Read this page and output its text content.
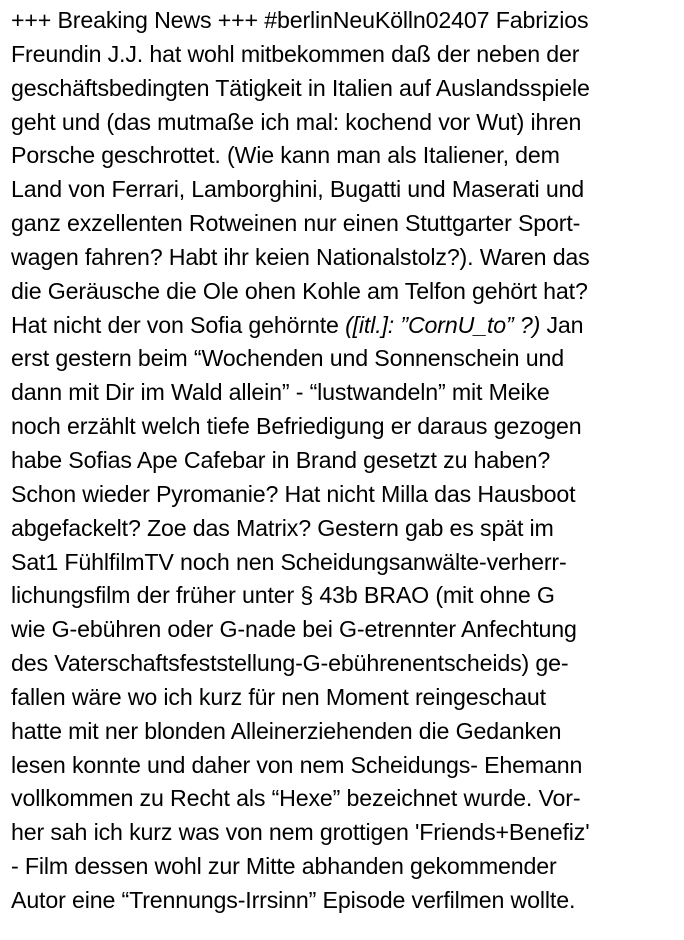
+++ Breaking News +++ #berlinNeuKölln02407 Fabrizios
Freundin J.J. hat wohl mitbekommen daß der neben der
geschäftsbedingten Tätigkeit in Italien auf Auslandsspiele
geht und (das mutmaße ich mal: kochend vor Wut) ihren
Porsche geschrottet. (Wie kann man als Italiener, dem
Land von Ferrari, Lamborghini, Bugatti und Maserati und
ganz exzellenten Rotweinen nur einen Stuttgarter Sport-
wagen fahren? Habt ihr keien Nationalstolz?). Waren das
die Geräusche die Ole ohen Kohle am Telfon gehört hat?
Hat nicht der von Sofia gehörnte ([itl.]: ”CornU_to” ?) Jan
erst gestern beim “Wochenden und Sonnenschein und
dann mit Dir im Wald allein” - “lustwandeln” mit Meike
noch erzählt welch tiefe Befriedigung er daraus gezogen
habe Sofias Ape Cafebar in Brand gesetzt zu haben?
Schon wieder Pyromanie? Hat nicht Milla das Hausboot
abgefackelt? Zoe das Matrix? Gestern gab es spät im
Sat1 FühlfilmTV noch nen Scheidungsanwälte-verherr-
lichungsfilm der früher unter § 43b BRAO (mit ohne G
wie G-ebühren oder G-nade bei G-etrennter Anfechtung
des Vaterschaftsfeststellung-G-ebührenentscheids) ge-
fallen wäre wo ich kurz für nen Moment reingeschaut
hatte mit ner blonden Alleinerziehenden die Gedanken
lesen konnte und daher von nem Scheidungs- Ehemann
vollkommen zu Recht als “Hexe” bezeichnet wurde. Vor-
her sah ich kurz was von nem grottigen 'Friends+Benefiz'
- Film dessen wohl zur Mitte abhanden gekommender
Autor eine “Trennungs-Irrsinn” Episode verfilmen wollte.
